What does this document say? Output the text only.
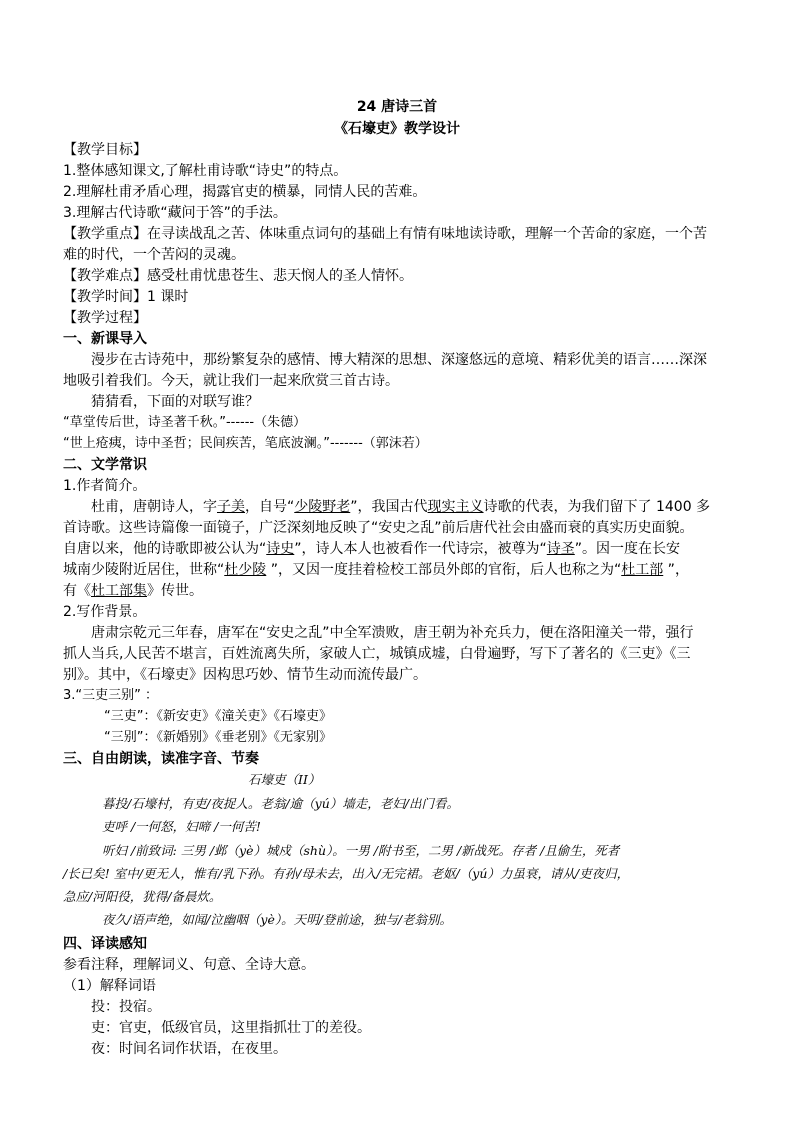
24 唐诗三首
《石壕吏》教学设计
【教学目标】
1.整体感知课文,了解杜甫诗歌“诗史”的特点。
2.理解杜甫矛盾心理，揭露官吏的横暴，同情人民的苦难。
3.理解古代诗歌“藏问于答”的手法。
【教学重点】在寻读战乱之苦、体味重点词句的基础上有情有味地读诗歌，理解一个苦命的家庭，一个苦
难的时代，一个苦闷的灵魂。
【教学难点】感受杜甫忧患苍生、悲天悯人的圣人情怀。
【教学时间】1 课时
【教学过程】
一、新课导入
漫步在古诗苑中，那纷繁复杂的感情、博大精深的思想、深邃悠远的意境、精彩优美的语言……深深
地吸引着我们。今天，就让我们一起来欣赏三首古诗。
猜猜看，下面的对联写谁？
“草堂传后世，诗圣著千秋。”------（朱德）
“世上疮痍，诗中圣哲；民间疾苦，笔底波澜。”-------（郭沫若）
二、文学常识
1.作者简介。
杜甫，唐朝诗人，字子美，自号“少陵野老”，我国古代现实主义诗歌的代表，为我们留下了 1400 多
首诗歌。这些诗篇像一面镜子，广泛深刻地反映了“安史之乱”前后唐代社会由盛而衰的真实历史面貌。
自唐以来，他的诗歌即被公认为“诗史”，诗人本人也被看作一代诗宗，被尊为“诗圣”。因一度在长安
城南少陵附近居住，世称“杜少陵 ”，又因一度挂着检校工部员外郎的官衔，后人也称之为“杜工部 ”，
有《杜工部集》传世。
2.写作背景。
唐肃宗乾元三年春，唐军在“安史之乱”中全军溃败，唐王朝为补充兵力，便在洛阳潼关一带，强行
抓人当兵,人民苦不堪言，百姓流离失所，家破人亡，城镇成墟，白骨遍野，写下了著名的《三吏》《三
别》。其中，《石壕吏》因构思巧妙、情节生动而流传最广。
3.“三吏三别” ：
“三吏”：《新安吏》《潼关吏》《石壕吏》
“三别”：《新婚别》《垂老别》《无家别》
三、自由朗读，读准字音、节奏
石壕吏（ⅠⅠ）
暮投/石壕村，有吏/夜捉人。老翁/逾（yú）墙走，老妇/出门看。
吏呼 /一何怒，妇啼 /一何苦!
听妇 /前致词: 三男 /邺（yè）城戍（shù）。一男 /附书至，二男 /新战死。存者 /且偷生，死者
/长已矣! 室中/更无人，惟有/乳下孙。有孙/母未去，出入/无完裙。老妪/（yú）力虽衰，请从/吏夜归，
急应/河阳役，犹得/备晨炊。
夜久/语声绝，如闻/泣幽咽（yè）。天明/登前途，独与/老翁别。
四、译读感知
参看注释，理解词义、句意、全诗大意。
（1）解释词语
投：投宿。
吏：官吏，低级官员，这里指抓壮丁的差役。
夜：时间名词作状语，在夜里。
